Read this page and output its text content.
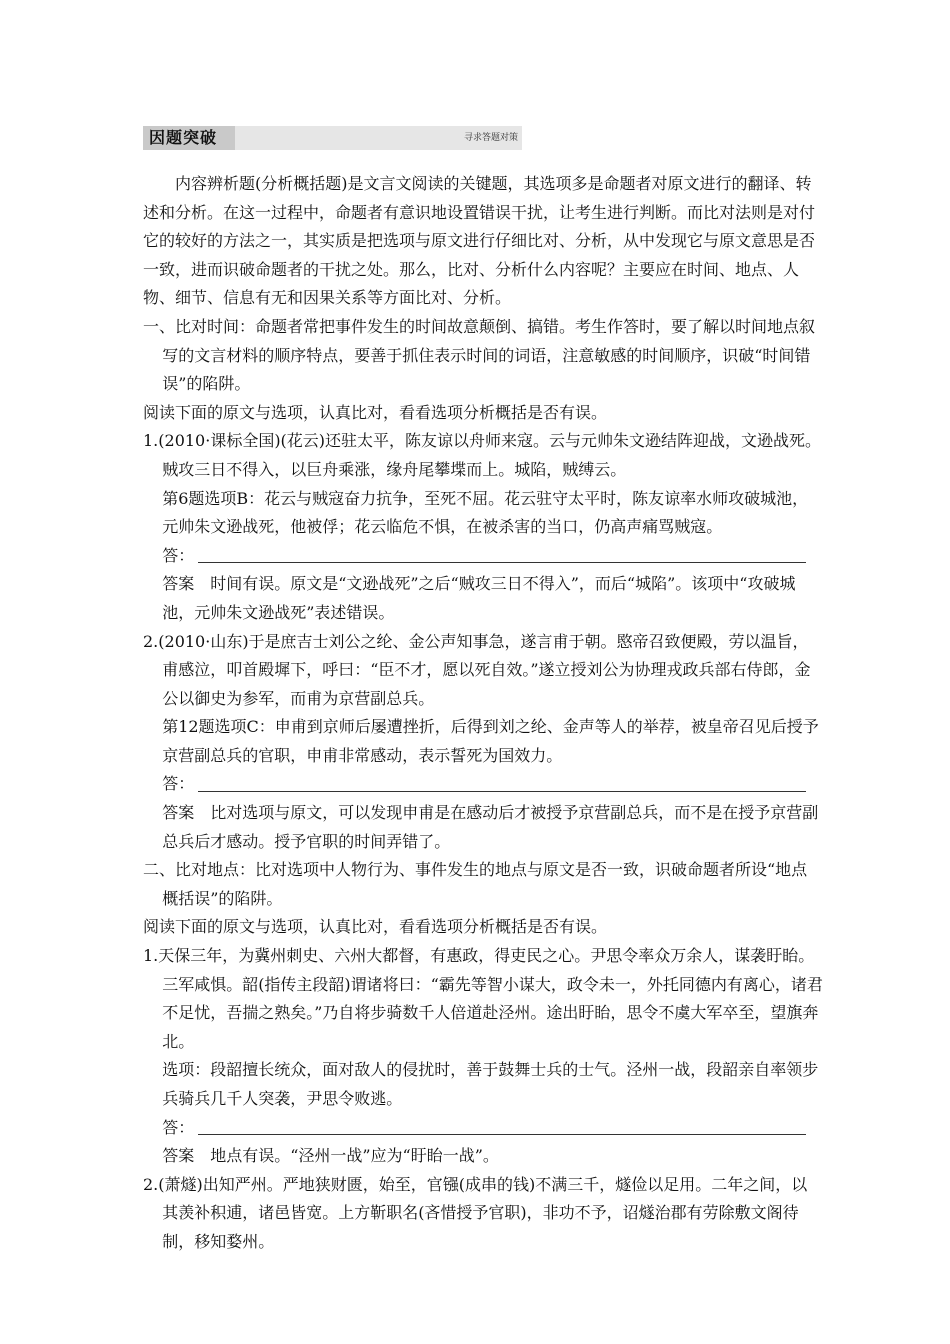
因题突破	寻求答题对策

内容辨析题(分析概括题)是文言文阅读的关键题，其选项多是命题者对原文进行的翻译、转述和分析。在这一过程中，命题者有意识地设置错误干扰，让考生进行判断。而比对法则是对付它的较好的方法之一，其实质是把选项与原文进行仔细比对、分析，从中发现它与原文意思是否一致，进而识破命题者的干扰之处。那么，比对、分析什么内容呢？主要应在时间、地点、人物、细节、信息有无和因果关系等方面比对、分析。

一、比对时间：命题者常把事件发生的时间故意颠倒、搞错。考生作答时，要了解以时间地点叙写的文言材料的顺序特点，要善于抓住表示时间的词语，注意敏感的时间顺序，识破“时间错误”的陷阱。

阅读下面的原文与选项，认真比对，看看选项分析概括是否有误。

1.(2010·课标全国)(花云)还驻太平，陈友谅以舟师来寇。云与元帅朱文逊结阵迎战，文逊战死。贼攻三日不得入，以巨舟乘涨，缘舟尾攀堞而上。城陷，贼缚云。

第6题选项B：花云与贼寇奋力抗争，至死不屈。花云驻守太平时，陈友谅率水师攻破城池，元帅朱文逊战死，他被俘；花云临危不惧，在被杀害的当口，仍高声痛骂贼寇。

答：

答案　时间有误。原文是“文逊战死”之后“贼攻三日不得入”，而后“城陷”。该项中“攻破城池，元帅朱文逊战死”表述错误。

2.(2010·山东)于是庶吉士刘公之纶、金公声知事急，遂言甫于朝。愍帝召致便殿，劳以温旨，甫感泣，叩首殿墀下，呼曰：“臣不才，愿以死自效。”遂立授刘公为协理戎政兵部右侍郎，金公以御史为参军，而甫为京营副总兵。

第12题选项C：申甫到京师后屡遭挫折，后得到刘之纶、金声等人的举荐，被皇帝召见后授予京营副总兵的官职，申甫非常感动，表示誓死为国效力。

答：

答案　比对选项与原文，可以发现申甫是在感动后才被授予京营副总兵，而不是在授予京营副总兵后才感动。授予官职的时间弄错了。

二、比对地点：比对选项中人物行为、事件发生的地点与原文是否一致，识破命题者所设“地点概括误”的陷阱。

阅读下面的原文与选项，认真比对，看看选项分析概括是否有误。

1.天保三年，为冀州刺史、六州大都督，有惠政，得吏民之心。尹思令率众万余人，谋袭盱眙。三军咸惧。韶(指传主段韶)谓诸将曰：“霸先等智小谋大，政令未一，外托同德内有离心，诸君不足忧，吾揣之熟矣。”乃自将步骑数千人倍道赴泾州。途出盱眙，思令不虞大军卒至，望旗奔北。

选项：段韶擅长统众，面对敌人的侵扰时，善于鼓舞士兵的士气。泾州一战，段韶亲自率领步兵骑兵几千人突袭，尹思令败逃。

答：

答案　地点有误。“泾州一战”应为“盱眙一战”。

2.(萧燧)出知严州。严地狭财匮，始至，官镪(成串的钱)不满三千，燧俭以足用。二年之间，以其羡补积逋，诸邑皆宽。上方靳职名(吝惜授予官职)，非功不予，诏燧治郡有劳除敷文阁待制，移知婺州。
